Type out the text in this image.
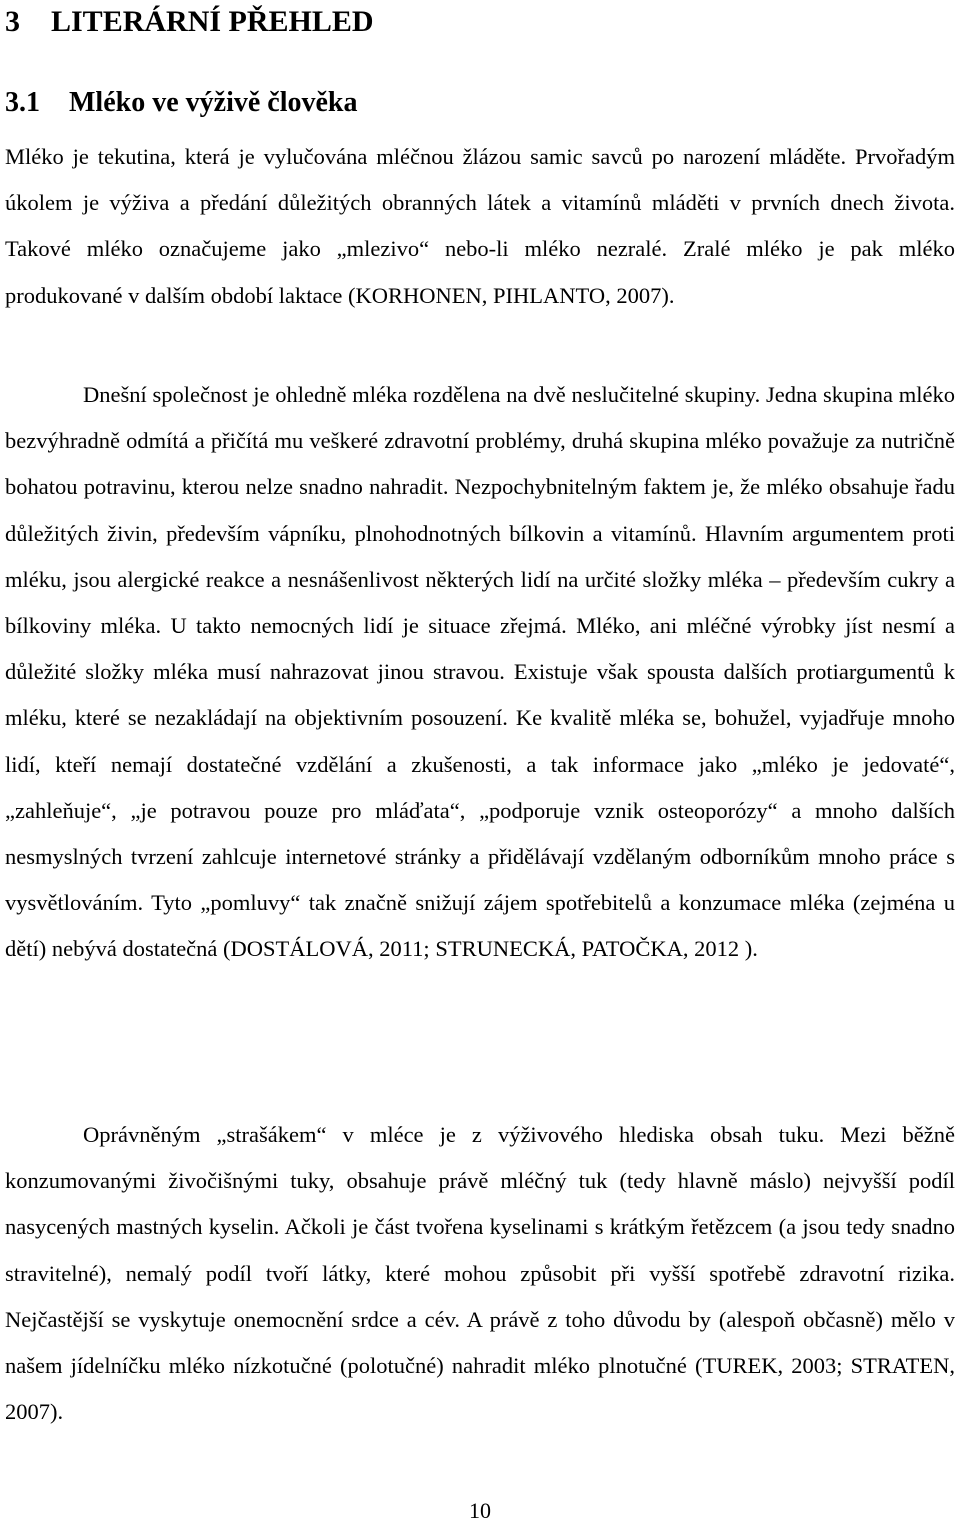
3 LITERÁRNÍ PŘEHLED
3.1 Mléko ve výživě člověka

Mléko je tekutina, která je vylučována mléčnou žlázou samic savců po narození mláděte. Prvořadým úkolem je výživa a předání důležitých obranných látek a vitamínů mláděti v prvních dnech života. Takové mléko označujeme jako „mlezivo“ nebo-li mléko nezralé. Zralé mléko je pak mléko produkované v dalším období laktace (KORHONEN, PIHLANTO, 2007).

Dnešní společnost je ohledně mléka rozdělena na dvě neslučitelné skupiny. Jedna skupina mléko bezvýhradně odmítá a přičítá mu veškeré zdravotní problémy, druhá skupina mléko považuje za nutričně bohatou potravinu, kterou nelze snadno nahradit. Nezpochybnitelným faktem je, že mléko obsahuje řadu důležitých živin, především vápníku, plnohodnotných bílkovin a vitamínů. Hlavním argumentem proti mléku, jsou alergické reakce a nesnášenlivost některých lidí na určité složky mléka – především cukry a bílkoviny mléka. U takto nemocných lidí je situace zřejmá. Mléko, ani mléčné výrobky jíst nesmí a důležité složky mléka musí nahrazovat jinou stravou. Existuje však spousta dalších protiargumentů k mléku, které se nezakládají na objektivním posouzení. Ke kvalitě mléka se, bohužel, vyjadřuje mnoho lidí, kteří nemají dostatečné vzdělání a zkušenosti, a tak informace jako „mléko je jedovaté“, „zahleňuje“, „je potravou pouze pro mláďata“, „podporuje vznik osteoporózy“ a mnoho dalších nesmyslných tvrzení zahlcuje internetové stránky a přidělávají vzdělaným odborníkům mnoho práce s vysvětlováním. Tyto „pomluvy“ tak značně snižují zájem spotřebitelů a konzumace mléka (zejména u dětí) nebývá dostatečná (DOSTÁLOVÁ, 2011; STRUNECKÁ, PATOČKA, 2012 ).

Oprávněným „strašákem“ v mléce je z výživového hlediska obsah tuku. Mezi běžně konzumovanými živočišnými tuky, obsahuje právě mléčný tuk (tedy hlavně máslo) nejvyšší podíl nasycených mastných kyselin. Ačkoli je část tvořena kyselinami s krátkým řetězcem (a jsou tedy snadno stravitelné), nemalý podíl tvoří látky, které mohou způsobit při vyšší spotřebě zdravotní rizika. Nejčastější se vyskytuje onemocnění srdce a cév. A právě z toho důvodu by (alespoň občasně) mělo v našem jídelníčku mléko nízkotučné (polotučné) nahradit mléko plnotučné (TUREK, 2003; STRATEN, 2007).

10
